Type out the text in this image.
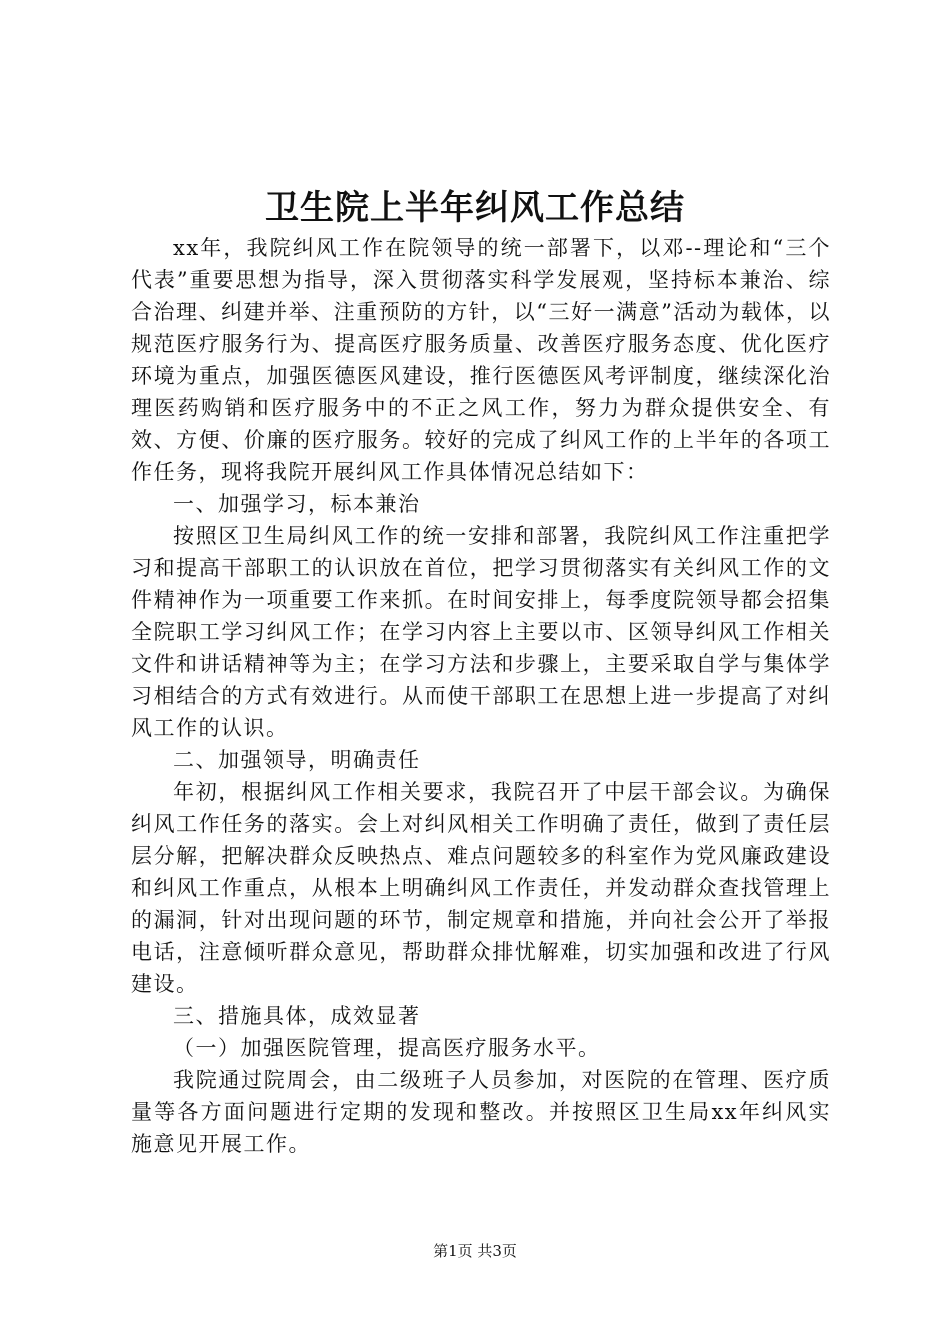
卫生院上半年纠风工作总结

xx年，我院纠风工作在院领导的统一部署下，以邓--理论和“三个代表”重要思想为指导，深入贯彻落实科学发展观，坚持标本兼治、综合治理、纠建并举、注重预防的方针，以“三好一满意”活动为载体，以规范医疗服务行为、提高医疗服务质量、改善医疗服务态度、优化医疗环境为重点，加强医德医风建设，推行医德医风考评制度，继续深化治理医药购销和医疗服务中的不正之风工作，努力为群众提供安全、有效、方便、价廉的医疗服务。较好的完成了纠风工作的上半年的各项工作任务，现将我院开展纠风工作具体情况总结如下：

一、加强学习，标本兼治

按照区卫生局纠风工作的统一安排和部署，我院纠风工作注重把学习和提高干部职工的认识放在首位，把学习贯彻落实有关纠风工作的文件精神作为一项重要工作来抓。在时间安排上，每季度院领导都会招集全院职工学习纠风工作；在学习内容上主要以市、区领导纠风工作相关文件和讲话精神等为主；在学习方法和步骤上，主要采取自学与集体学习相结合的方式有效进行。从而使干部职工在思想上进一步提高了对纠风工作的认识。

二、加强领导，明确责任

年初，根据纠风工作相关要求，我院召开了中层干部会议。为确保纠风工作任务的落实。会上对纠风相关工作明确了责任，做到了责任层层分解，把解决群众反映热点、难点问题较多的科室作为党风廉政建设和纠风工作重点，从根本上明确纠风工作责任，并发动群众查找管理上的漏洞，针对出现问题的环节，制定规章和措施，并向社会公开了举报电话，注意倾听群众意见，帮助群众排忧解难，切实加强和改进了行风建设。

三、措施具体，成效显著

（一）加强医院管理，提高医疗服务水平。

我院通过院周会，由二级班子人员参加，对医院的在管理、医疗质量等各方面问题进行定期的发现和整改。并按照区卫生局xx年纠风实施意见开展工作。

第1页 共3页
